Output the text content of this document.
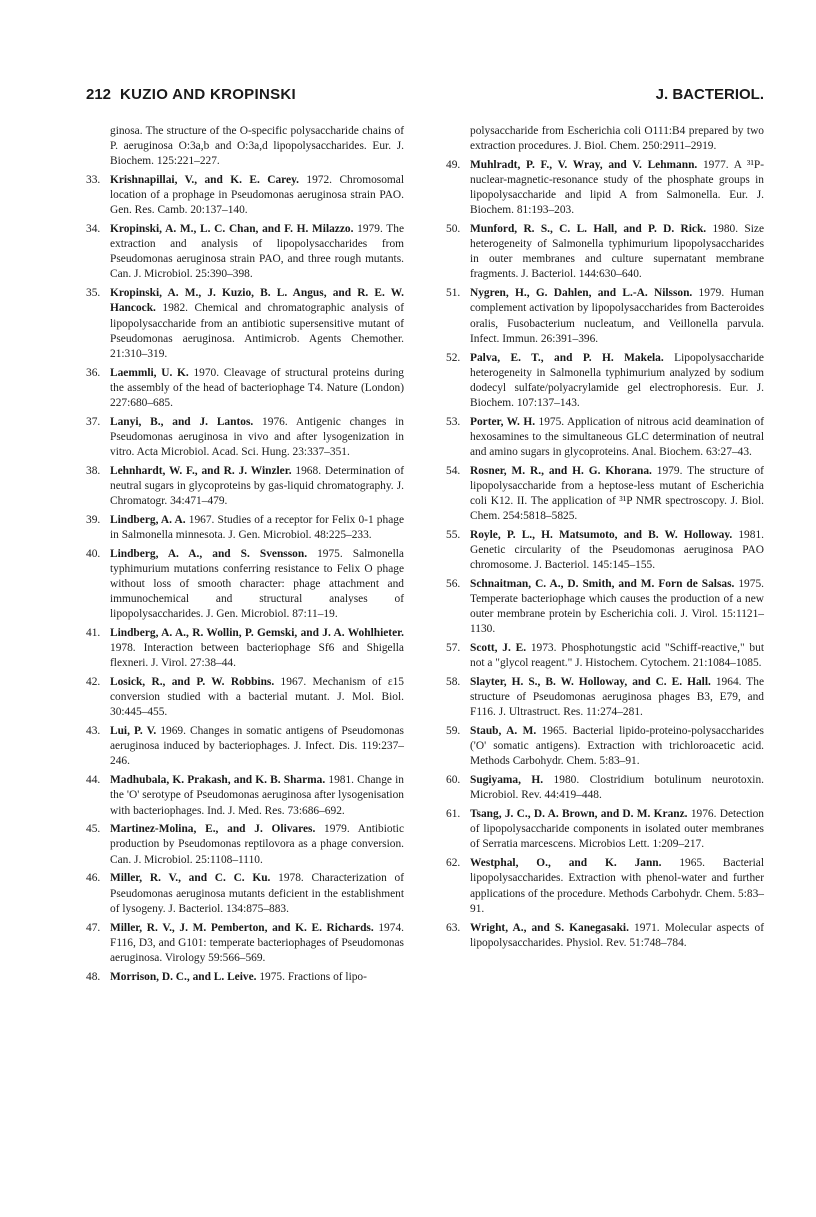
212 KUZIO AND KROPINSKI	J. BACTERIOL.
ginosa. The structure of the O-specific polysaccharide chains of P. aeruginosa O:3a,b and O:3a,d lipopolysaccharides. Eur. J. Biochem. 125:221–227.
33. Krishnapillai, V., and K. E. Carey. 1972. Chromosomal location of a prophage in Pseudomonas aeruginosa strain PAO. Gen. Res. Camb. 20:137–140.
34. Kropinski, A. M., L. C. Chan, and F. H. Milazzo. 1979. The extraction and analysis of lipopolysaccharides from Pseudomonas aeruginosa strain PAO, and three rough mutants. Can. J. Microbiol. 25:390–398.
35. Kropinski, A. M., J. Kuzio, B. L. Angus, and R. E. W. Hancock. 1982. Chemical and chromatographic analysis of lipopolysaccharide from an antibiotic supersensitive mutant of Pseudomonas aeruginosa. Antimicrob. Agents Chemother. 21:310–319.
36. Laemmli, U. K. 1970. Cleavage of structural proteins during the assembly of the head of bacteriophage T4. Nature (London) 227:680–685.
37. Lanyi, B., and J. Lantos. 1976. Antigenic changes in Pseudomonas aeruginosa in vivo and after lysogenization in vitro. Acta Microbiol. Acad. Sci. Hung. 23:337–351.
38. Lehnhardt, W. F., and R. J. Winzler. 1968. Determination of neutral sugars in glycoproteins by gas-liquid chromatography. J. Chromatogr. 34:471–479.
39. Lindberg, A. A. 1967. Studies of a receptor for Felix 0-1 phage in Salmonella minnesota. J. Gen. Microbiol. 48:225–233.
40. Lindberg, A. A., and S. Svensson. 1975. Salmonella typhimurium mutations conferring resistance to Felix O phage without loss of smooth character: phage attachment and immunochemical and structural analyses of lipopolysaccharides. J. Gen. Microbiol. 87:11–19.
41. Lindberg, A. A., R. Wollin, P. Gemski, and J. A. Wohlhieter. 1978. Interaction between bacteriophage Sf6 and Shigella flexneri. J. Virol. 27:38–44.
42. Losick, R., and P. W. Robbins. 1967. Mechanism of ε15 conversion studied with a bacterial mutant. J. Mol. Biol. 30:445–455.
43. Lui, P. V. 1969. Changes in somatic antigens of Pseudomonas aeruginosa induced by bacteriophages. J. Infect. Dis. 119:237–246.
44. Madhubala, K. Prakash, and K. B. Sharma. 1981. Change in the 'O' serotype of Pseudomonas aeruginosa after lysogenisation with bacteriophages. Ind. J. Med. Res. 73:686–692.
45. Martinez-Molina, E., and J. Olivares. 1979. Antibiotic production by Pseudomonas reptilovora as a phage conversion. Can. J. Microbiol. 25:1108–1110.
46. Miller, R. V., and C. C. Ku. 1978. Characterization of Pseudomonas aeruginosa mutants deficient in the establishment of lysogeny. J. Bacteriol. 134:875–883.
47. Miller, R. V., J. M. Pemberton, and K. E. Richards. 1974. F116, D3, and G101: temperate bacteriophages of Pseudomonas aeruginosa. Virology 59:566–569.
48. Morrison, D. C., and L. Leive. 1975. Fractions of lipo-
polysaccharide from Escherichia coli O111:B4 prepared by two extraction procedures. J. Biol. Chem. 250:2911–2919.
49. Muhlradt, P. F., V. Wray, and V. Lehmann. 1977. A ³¹P-nuclear-magnetic-resonance study of the phosphate groups in lipopolysaccharide and lipid A from Salmonella. Eur. J. Biochem. 81:193–203.
50. Munford, R. S., C. L. Hall, and P. D. Rick. 1980. Size heterogeneity of Salmonella typhimurium lipopolysaccharides in outer membranes and culture supernatant membrane fragments. J. Bacteriol. 144:630–640.
51. Nygren, H., G. Dahlen, and L.-A. Nilsson. 1979. Human complement activation by lipopolysaccharides from Bacteroides oralis, Fusobacterium nucleatum, and Veillonella parvula. Infect. Immun. 26:391–396.
52. Palva, E. T., and P. H. Makela. Lipopolysaccharide heterogeneity in Salmonella typhimurium analyzed by sodium dodecyl sulfate/polyacrylamide gel electrophoresis. Eur. J. Biochem. 107:137–143.
53. Porter, W. H. 1975. Application of nitrous acid deamination of hexosamines to the simultaneous GLC determination of neutral and amino sugars in glycoproteins. Anal. Biochem. 63:27–43.
54. Rosner, M. R., and H. G. Khorana. 1979. The structure of lipopolysaccharide from a heptose-less mutant of Escherichia coli K12. II. The application of ³¹P NMR spectroscopy. J. Biol. Chem. 254:5818–5825.
55. Royle, P. L., H. Matsumoto, and B. W. Holloway. 1981. Genetic circularity of the Pseudomonas aeruginosa PAO chromosome. J. Bacteriol. 145:145–155.
56. Schnaitman, C. A., D. Smith, and M. Forn de Salsas. 1975. Temperate bacteriophage which causes the production of a new outer membrane protein by Escherichia coli. J. Virol. 15:1121–1130.
57. Scott, J. E. 1973. Phosphotungstic acid "Schiff-reactive," but not a "glycol reagent." J. Histochem. Cytochem. 21:1084–1085.
58. Slayter, H. S., B. W. Holloway, and C. E. Hall. 1964. The structure of Pseudomonas aeruginosa phages B3, E79, and F116. J. Ultrastruct. Res. 11:274–281.
59. Staub, A. M. 1965. Bacterial lipido-proteino-polysaccharides ('O' somatic antigens). Extraction with trichloroacetic acid. Methods Carbohydr. Chem. 5:83–91.
60. Sugiyama, H. 1980. Clostridium botulinum neurotoxin. Microbiol. Rev. 44:419–448.
61. Tsang, J. C., D. A. Brown, and D. M. Kranz. 1976. Detection of lipopolysaccharide components in isolated outer membranes of Serratia marcescens. Microbios Lett. 1:209–217.
62. Westphal, O., and K. Jann. 1965. Bacterial lipopolysaccharides. Extraction with phenol-water and further applications of the procedure. Methods Carbohydr. Chem. 5:83–91.
63. Wright, A., and S. Kanegasaki. 1971. Molecular aspects of lipopolysaccharides. Physiol. Rev. 51:748–784.
